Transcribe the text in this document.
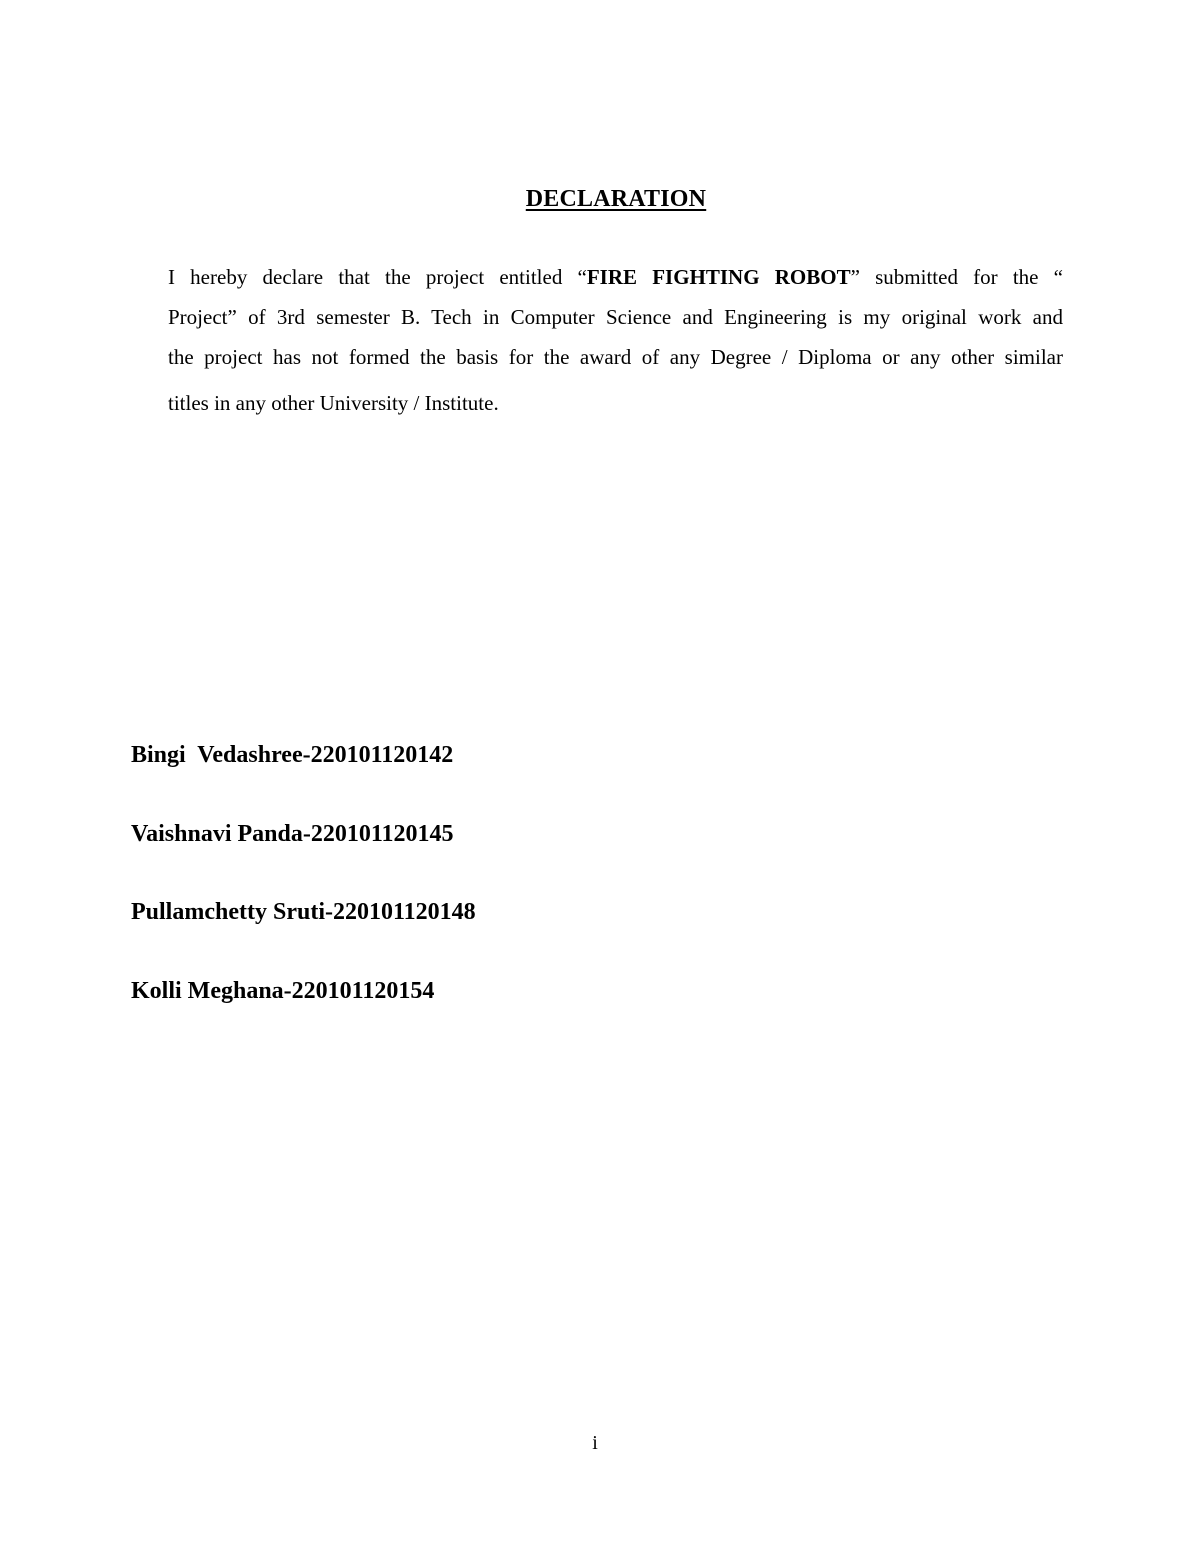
DECLARATION
I hereby declare that the project entitled “FIRE FIGHTING ROBOT” submitted for the “
Project” of 3rd semester B. Tech in Computer Science and Engineering is my original work and
the project has not formed the basis for the award of any Degree / Diploma or any other similar
titles in any other University / Institute.
Bingi  Vedashree-220101120142
Vaishnavi Panda-220101120145
Pullamchetty Sruti-220101120148
Kolli Meghana-220101120154
i
